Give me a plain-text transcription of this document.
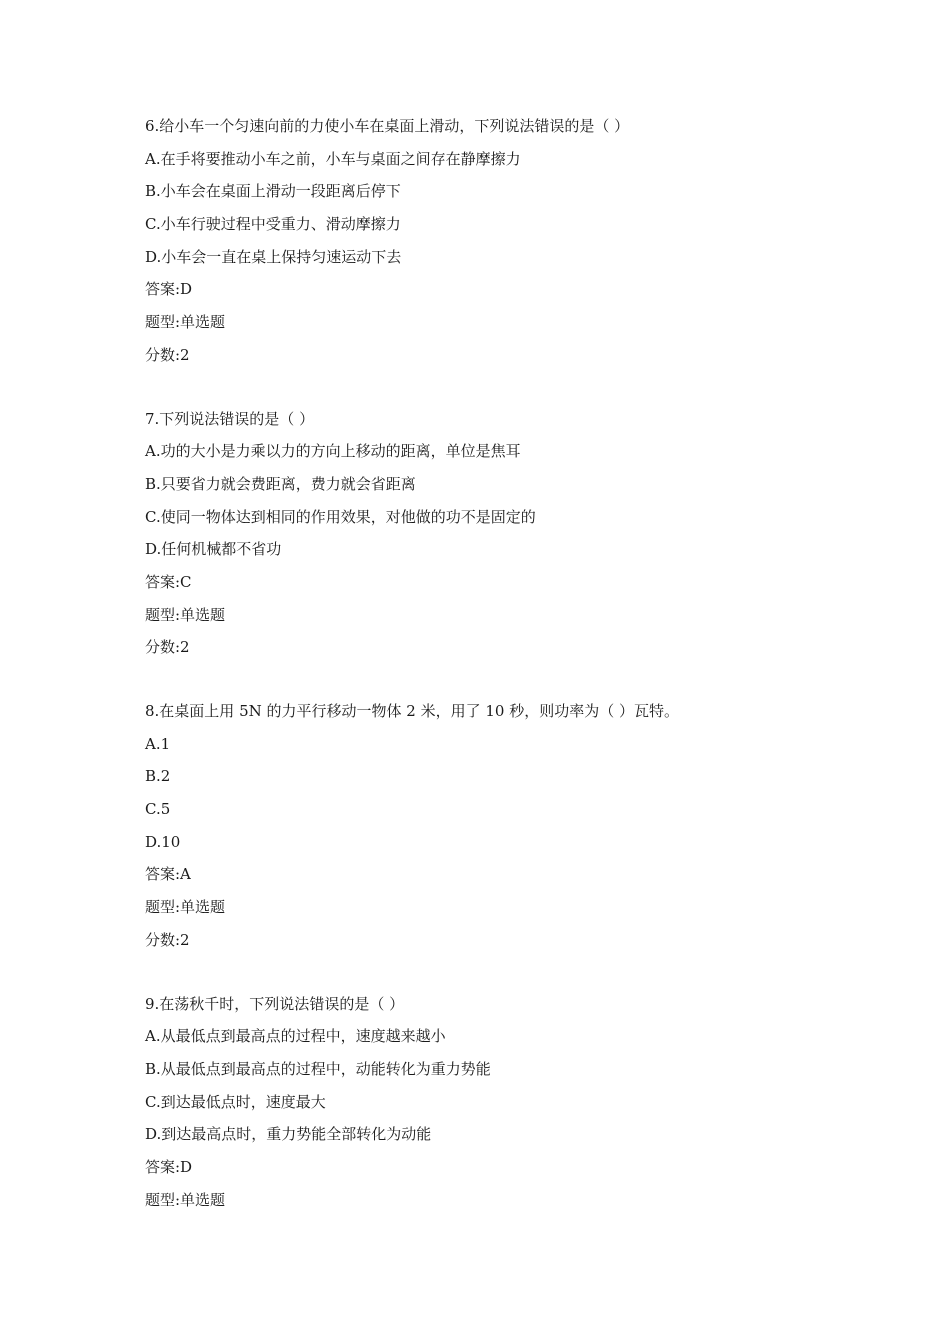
6.给小车一个匀速向前的力使小车在桌面上滑动，下列说法错误的是（ ）
A.在手将要推动小车之前，小车与桌面之间存在静摩擦力
B.小车会在桌面上滑动一段距离后停下
C.小车行驶过程中受重力、滑动摩擦力
D.小车会一直在桌上保持匀速运动下去
答案:D
题型:单选题
分数:2
7.下列说法错误的是（ ）
A.功的大小是力乘以力的方向上移动的距离，单位是焦耳
B.只要省力就会费距离，费力就会省距离
C.使同一物体达到相同的作用效果，对他做的功不是固定的
D.任何机械都不省功
答案:C
题型:单选题
分数:2
8.在桌面上用 5N 的力平行移动一物体 2 米，用了 10 秒，则功率为（ ）瓦特。
A.1
B.2
C.5
D.10
答案:A
题型:单选题
分数:2
9.在荡秋千时，下列说法错误的是（ ）
A.从最低点到最高点的过程中，速度越来越小
B.从最低点到最高点的过程中，动能转化为重力势能
C.到达最低点时，速度最大
D.到达最高点时，重力势能全部转化为动能
答案:D
题型:单选题
